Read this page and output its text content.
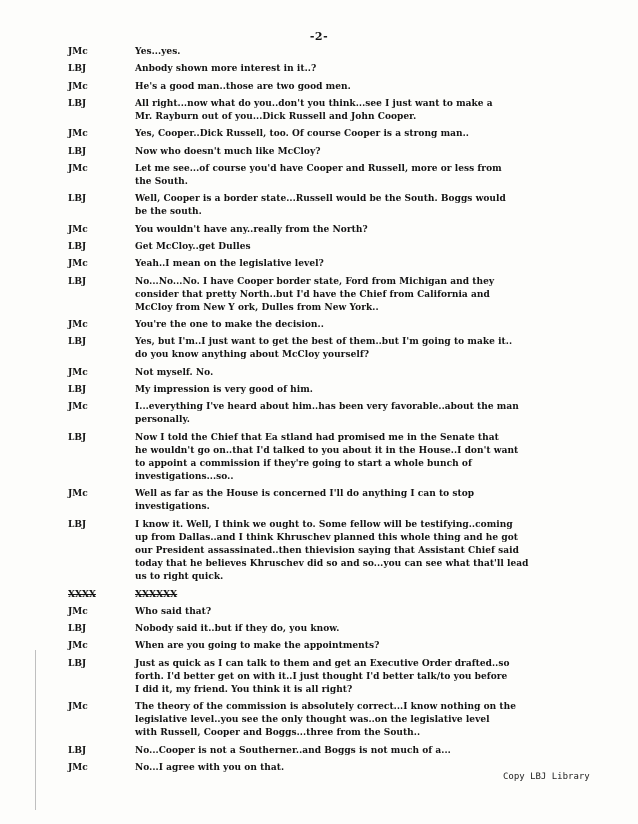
-2-
JMc	Yes...yes.
LBJ	Anbody shown more interest in it..?
JMc	He's a good man..those are two good men.
LBJ	All right...now what do you..don't you think...see I just want to make a
Mr. Rayburn out of you...Dick Russell and John Cooper.
JMc	Yes, Cooper..Dick Russell, too. Of course Cooper is a strong man..
LBJ	Now who doesn't much like McCloy?
JMc	Let me see...of course you'd have Cooper and Russell, more or less from
the South.
LBJ	Well, Cooper is a border state...Russell would be the South. Boggs would
be the south.
JMc	You wouldn't have any..really from the North?
LBJ	Get McCloy..get Dulles
JMc	Yeah..I mean on the legislative level?
LBJ	No...No...No. I have Cooper border state, Ford from Michigan and they
consider that pretty North..but I'd have the Chief from California and
McCloy from New Y ork, Dulles from New York..
JMc	You're the one to make the decision..
LBJ	Yes, but I'm..I just want to get the best of them..but I'm going to make it..
do you know anything about McCloy yourself?
JMc	Not myself. No.
LBJ	My impression is very good of him.
JMc	I...everything I've heard about him..has been very favorable..about the man
personally.
LBJ	Now I told the Chief that Ea stland had promised me in the Senate that
he wouldn't go on..that I'd talked to you about it in the House..I don't want
to appoint a commission if they're going to start a whole bunch of
investigations...so..
JMc	Well as far as the House is concerned I'll do anything I can to stop
investigations.
LBJ	I know it. Well, I think we ought to. Some fellow will be testifying..coming
up from Dallas..and I think Khruschev planned this whole thing and he got
our President assassinated..then thievision saying that Assistant Chief said
today that he believes Khruschev did so and so...you can see what that'll lead
us to right quick.
XXXX	XXXXXX
JMc	Who said that?
LBJ	Nobody said it..but if they do, you know.
JMc	When are you going to make the appointments?
LBJ	Just as quick as I can talk to them and get an Executive Order drafted..so
forth. I'd better get on with it..I just thought I'd better talk/to you before
I did it, my friend. You think it is all right?
JMc	The theory of the commission is absolutely correct...I know nothing on the
legislative level..you see the only thought was..on the legislative level
with Russell, Cooper and Boggs...three from the South..
LBJ	No...Cooper is not a Southerner..and Boggs is not much of a...
JMc	No...I agree with you on that.
Copy LBJ Library
